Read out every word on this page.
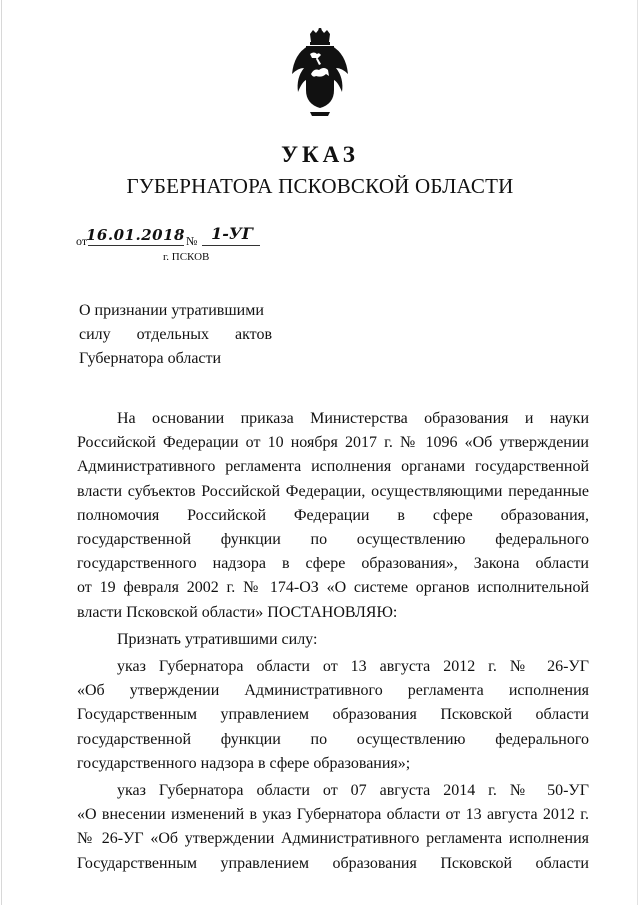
УКАЗ
ГУБЕРНАТОРА ПСКОВСКОЙ ОБЛАСТИ
от
16.01.2018 № 1-УГ
г. ПСКОВ
О признании утратившими
силу отдельных актов
Губернатора области
На основании приказа Министерства образования и науки
Российской Федерации от 10 ноября 2017 г. № 1096 «Об утверждении
Административного регламента исполнения органами государственной
власти субъектов Российской Федерации, осуществляющими переданные
полномочия Российской Федерации в сфере образования,
государственной функции по осуществлению федерального
государственного надзора в сфере образования», Закона области
от 19 февраля 2002 г. № 174-ОЗ «О системе органов исполнительной
власти Псковской области» ПОСТАНОВЛЯЮ:
Признать утратившими силу:
указ Губернатора области от 13 августа 2012 г. № 26-УГ
«Об утверждении Административного регламента исполнения
Государственным управлением образования Псковской области
государственной функции по осуществлению федерального
государственного надзора в сфере образования»;
указ Губернатора области от 07 августа 2014 г. № 50-УГ
«О внесении изменений в указ Губернатора области от 13 августа 2012 г.
№ 26-УГ «Об утверждении Административного регламента исполнения
Государственным управлением образования Псковской области
